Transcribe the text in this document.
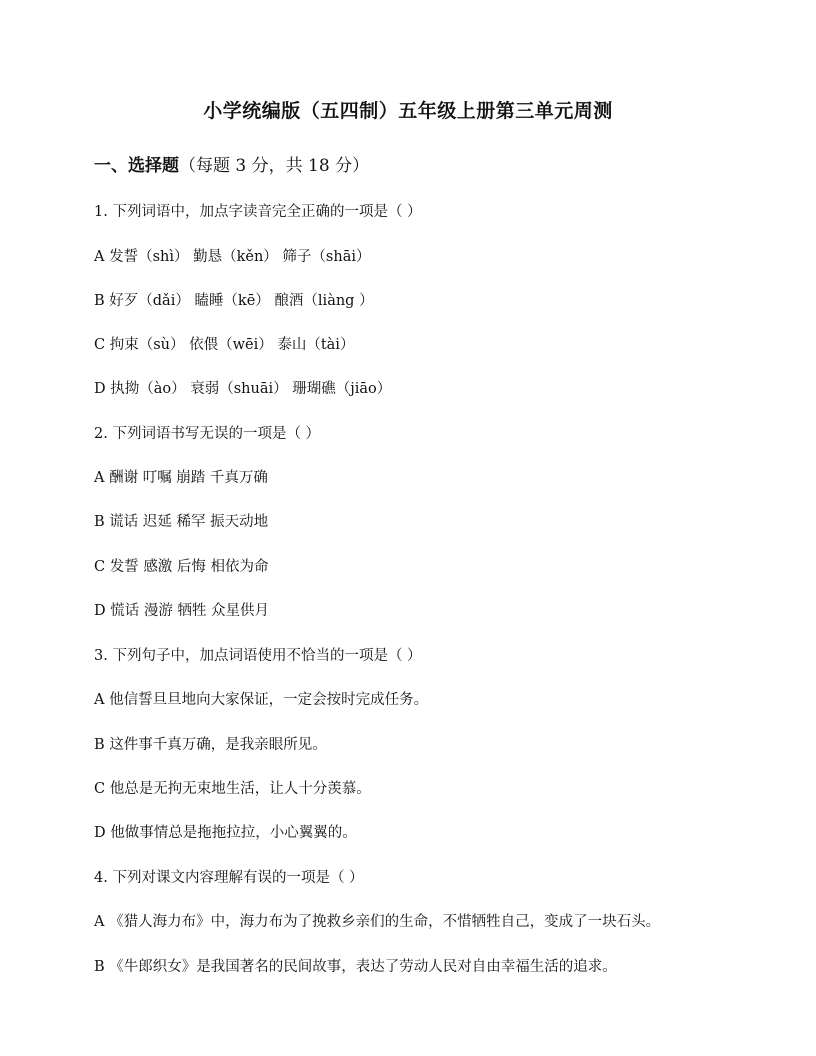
小学统编版（五四制）五年级上册第三单元周测
一、选择题（每题 3 分，共 18 分）
1. 下列词语中，加点字读音完全正确的一项是（ ）
A 发誓（shì） 勤恳（kěn） 筛子（shāi）
B 好歹（dǎi） 瞌睡（kē） 酿酒（liàng ）
C 拘束（sù） 依偎（wēi） 泰山（tài）
D 执拗（ào） 衰弱（shuāi） 珊瑚礁（jiāo）
2. 下列词语书写无误的一项是（ ）
A 酬谢 叮嘱 崩踏 千真万确
B 谎话 迟延 稀罕 振天动地
C 发誓 感激 后悔 相依为命
D 慌话 漫游 牺牲 众星供月
3. 下列句子中，加点词语使用不恰当的一项是（ ）
A 他信誓旦旦地向大家保证，一定会按时完成任务。
B 这件事千真万确，是我亲眼所见。
C 他总是无拘无束地生活，让人十分羡慕。
D 他做事情总是拖拖拉拉，小心翼翼的。
4. 下列对课文内容理解有误的一项是（ ）
A 《猎人海力布》中，海力布为了挽救乡亲们的生命，不惜牺牲自己，变成了一块石头。
B 《牛郎织女》是我国著名的民间故事，表达了劳动人民对自由幸福生活的追求。
